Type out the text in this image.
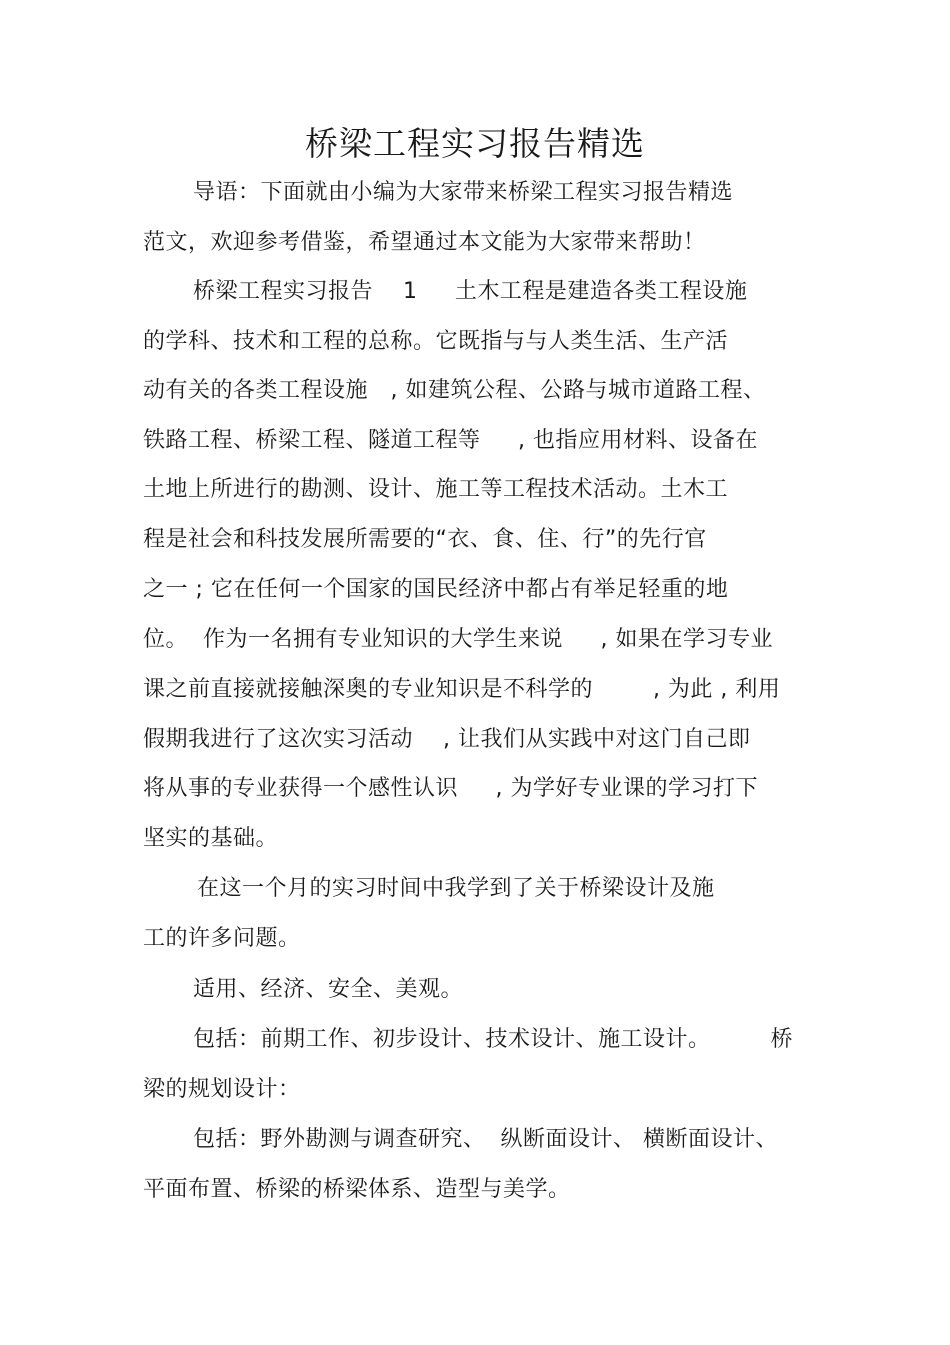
桥梁工程实习报告精选
导语：下面就由小编为大家带来桥梁工程实习报告精选
范文，欢迎参考借鉴，希望通过本文能为大家带来帮助！
桥梁工程实习报告    1     土木工程是建造各类工程设施
的学科、技术和工程的总称。它既指与与人类生活、生产活
动有关的各类工程设施   , 如建筑公程、公路与城市道路工程、
铁路工程、桥梁工程、隧道工程等     , 也指应用材料、设备在
土地上所进行的勘测、设计、施工等工程技术活动。土木工
程是社会和科技发展所需要的“衣、食、住、行”的先行官
之一 ; 它在任何一个国家的国民经济中都占有举足轻重的地
位。  作为一名拥有专业知识的大学生来说     , 如果在学习专业
课之前直接就接触深奥的专业知识是不科学的        , 为此 , 利用
假期我进行了这次实习活动    , 让我们从实践中对这门自己即
将从事的专业获得一个感性认识     , 为学好专业课的学习打下
坚实的基础。
在这一个月的实习时间中我学到了关于桥梁设计及施
工的许多问题。
适用、经济、安全、美观。
包括：前期工作、初步设计、技术设计、施工设计。        桥
梁的规划设计：
包括：野外勘测与调查研究、  纵断面设计、 横断面设计、
平面布置、桥梁的桥梁体系、造型与美学。
